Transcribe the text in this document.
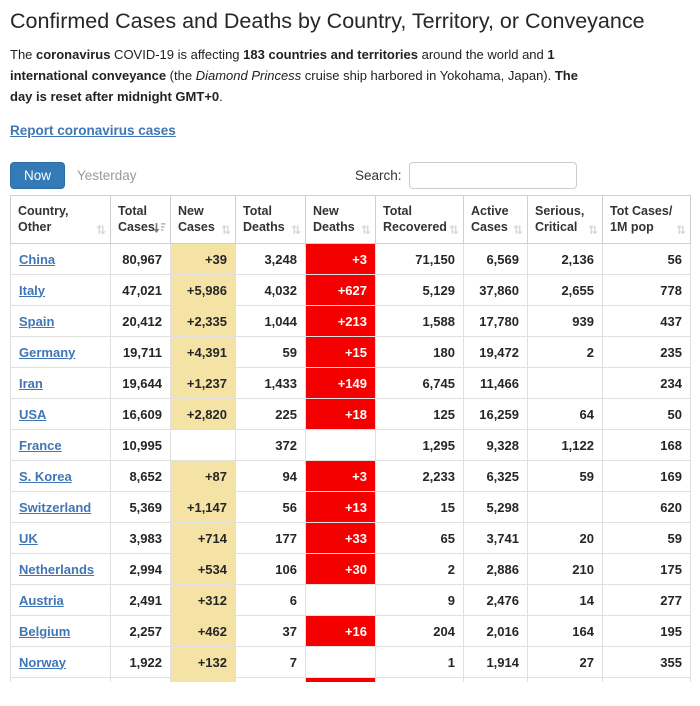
Confirmed Cases and Deaths by Country, Territory, or Conveyance

The coronavirus COVID-19 is affecting 183 countries and territories around the world and 1 international conveyance (the Diamond Princess cruise ship harbored in Yokohama, Japan). The day is reset after midnight GMT+0.

Report coronavirus cases
Now Yesterday	Search:
Country,
Other	⇅

Total
Cases

New
Cases ⇅

Total
Deaths ⇅

New
Deaths ⇅

Total
Recovered ⇅

Active
Cases ⇅

Serious,
Critical ⇅

Tot Cases/
1M pop	⇅

China	80,967	+39	3,248	+3	71,150	6,569	2,136	56
Italy	47,021	+5,986	4,032	+627	5,129	37,860	2,655	778
Spain	20,412	+2,335	1,044	+213	1,588	17,780	939	437
Germany	19,711	+4,391	59	+15	180	19,472	2	235
Iran	19,644	+1,237	1,433	+149	6,745	11,466		234
USA	16,609	+2,820	225	+18	125	16,259	64	50
France	10,995		372		1,295	9,328	1,122	168
S. Korea	8,652	+87	94	+3	2,233	6,325	59	169
Switzerland	5,369	+1,147	56	+13	15	5,298		620
UK	3,983	+714	177	+33	65	3,741	20	59
Netherlands	2,994	+534	106	+30	2	2,886	210	175
Austria	2,491	+312	6		9	2,476	14	277
Belgium	2,257	+462	37	+16	204	2,016	164	195
Norway	1,922	+132	7		1	1,914	27	355
